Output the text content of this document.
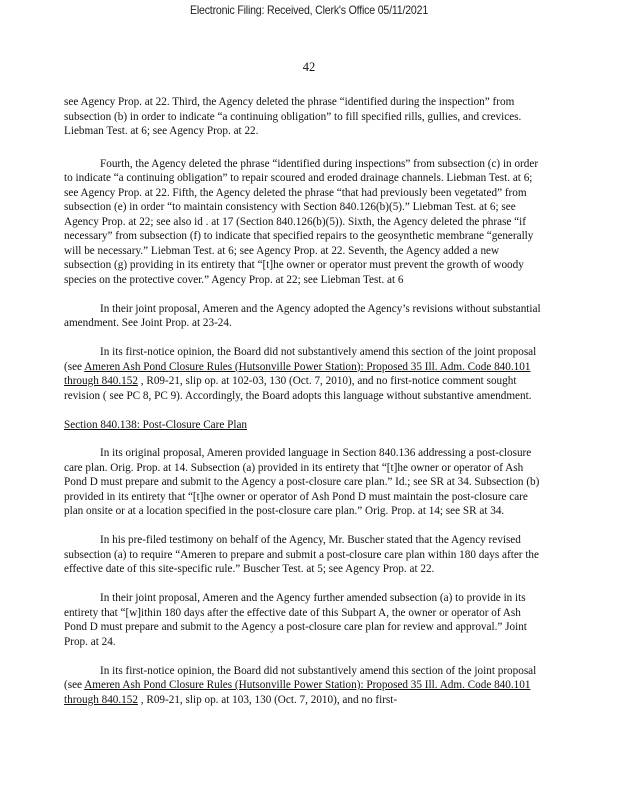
Electronic Filing: Received, Clerk's Office 05/11/2021
42

see Agency Prop. at 22. Third, the Agency deleted the phrase “identified during the inspection” from subsection (b) in order to indicate “a continuing obligation” to fill specified rills, gullies, and crevices. Liebman Test. at 6; see Agency Prop. at 22.

Fourth, the Agency deleted the phrase “identified during inspections” from subsection (c) in order to indicate “a continuing obligation” to repair scoured and eroded drainage channels. Liebman Test. at 6; see Agency Prop. at 22. Fifth, the Agency deleted the phrase “that had previously been vegetated” from subsection (e) in order “to maintain consistency with Section 840.126(b)(5).” Liebman Test. at 6; see Agency Prop. at 22; see also id . at 17 (Section 840.126(b)(5)). Sixth, the Agency deleted the phrase “if necessary” from subsection (f) to indicate that specified repairs to the geosynthetic membrane “generally will be necessary.” Liebman Test. at 6; see Agency Prop. at 22. Seventh, the Agency added a new subsection (g) providing in its entirety that “[t]he owner or operator must prevent the growth of woody species on the protective cover.” Agency Prop. at 22; see Liebman Test. at 6

In their joint proposal, Ameren and the Agency adopted the Agency’s revisions without substantial amendment. See Joint Prop. at 23-24.

In its first-notice opinion, the Board did not substantively amend this section of the joint proposal (see Ameren Ash Pond Closure Rules (Hutsonville Power Station): Proposed 35 Ill. Adm. Code 840.101 through 840.152 , R09-21, slip op. at 102-03, 130 (Oct. 7, 2010), and no first-notice comment sought revision ( see PC 8, PC 9). Accordingly, the Board adopts this language without substantive amendment.

Section 840.138: Post-Closure Care Plan

In its original proposal, Ameren provided language in Section 840.136 addressing a post-closure care plan. Orig. Prop. at 14. Subsection (a) provided in its entirety that “[t]he owner or operator of Ash Pond D must prepare and submit to the Agency a post-closure care plan.” Id.; see SR at 34. Subsection (b) provided in its entirety that “[t]he owner or operator of Ash Pond D must maintain the post-closure care plan onsite or at a location specified in the post-closure care plan.” Orig. Prop. at 14; see SR at 34.

In his pre-filed testimony on behalf of the Agency, Mr. Buscher stated that the Agency revised subsection (a) to require “Ameren to prepare and submit a post-closure care plan within 180 days after the effective date of this site-specific rule.” Buscher Test. at 5; see Agency Prop. at 22.

In their joint proposal, Ameren and the Agency further amended subsection (a) to provide in its entirety that “[w]ithin 180 days after the effective date of this Subpart A, the owner or operator of Ash Pond D must prepare and submit to the Agency a post-closure care plan for review and approval.” Joint Prop. at 24.

In its first-notice opinion, the Board did not substantively amend this section of the joint proposal (see Ameren Ash Pond Closure Rules (Hutsonville Power Station): Proposed 35 Ill. Adm. Code 840.101 through 840.152 , R09-21, slip op. at 103, 130 (Oct. 7, 2010), and no first-
